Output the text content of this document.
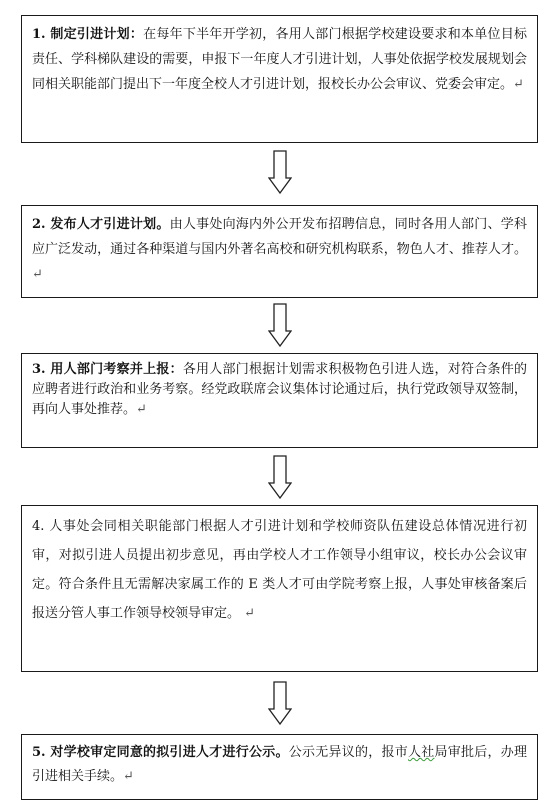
1. 制定引进计划：在每年下半年开学初，各用人部门根据学校建设要求和本单位目标责任、学科梯队建设的需要，申报下一年度人才引进计划，人事处依据学校发展规划会同相关职能部门提出下一年度全校人才引进计划，报校长办公会审议、党委会审定。↵

2. 发布人才引进计划。由人事处向海内外公开发布招聘信息，同时各用人部门、学科应广泛发动，通过各种渠道与国内外著名高校和研究机构联系，物色人才、推荐人才。↵

3. 用人部门考察并上报：各用人部门根据计划需求积极物色引进人选，对符合条件的应聘者进行政治和业务考察。经党政联席会议集体讨论通过后，执行党政领导双签制，再向人事处推荐。↵

4. 人事处会同相关职能部门根据人才引进计划和学校师资队伍建设总体情况进行初审，对拟引进人员提出初步意见，再由学校人才工作领导小组审议，校长办公会议审定。符合条件且无需解决家属工作的 E 类人才可由学院考察上报，人事处审核备案后报送分管人事工作领导校领导审定。 ↵

5. 对学校审定同意的拟引进人才进行公示。公示无异议的，报市人社局审批后，办理引进相关手续。↵
